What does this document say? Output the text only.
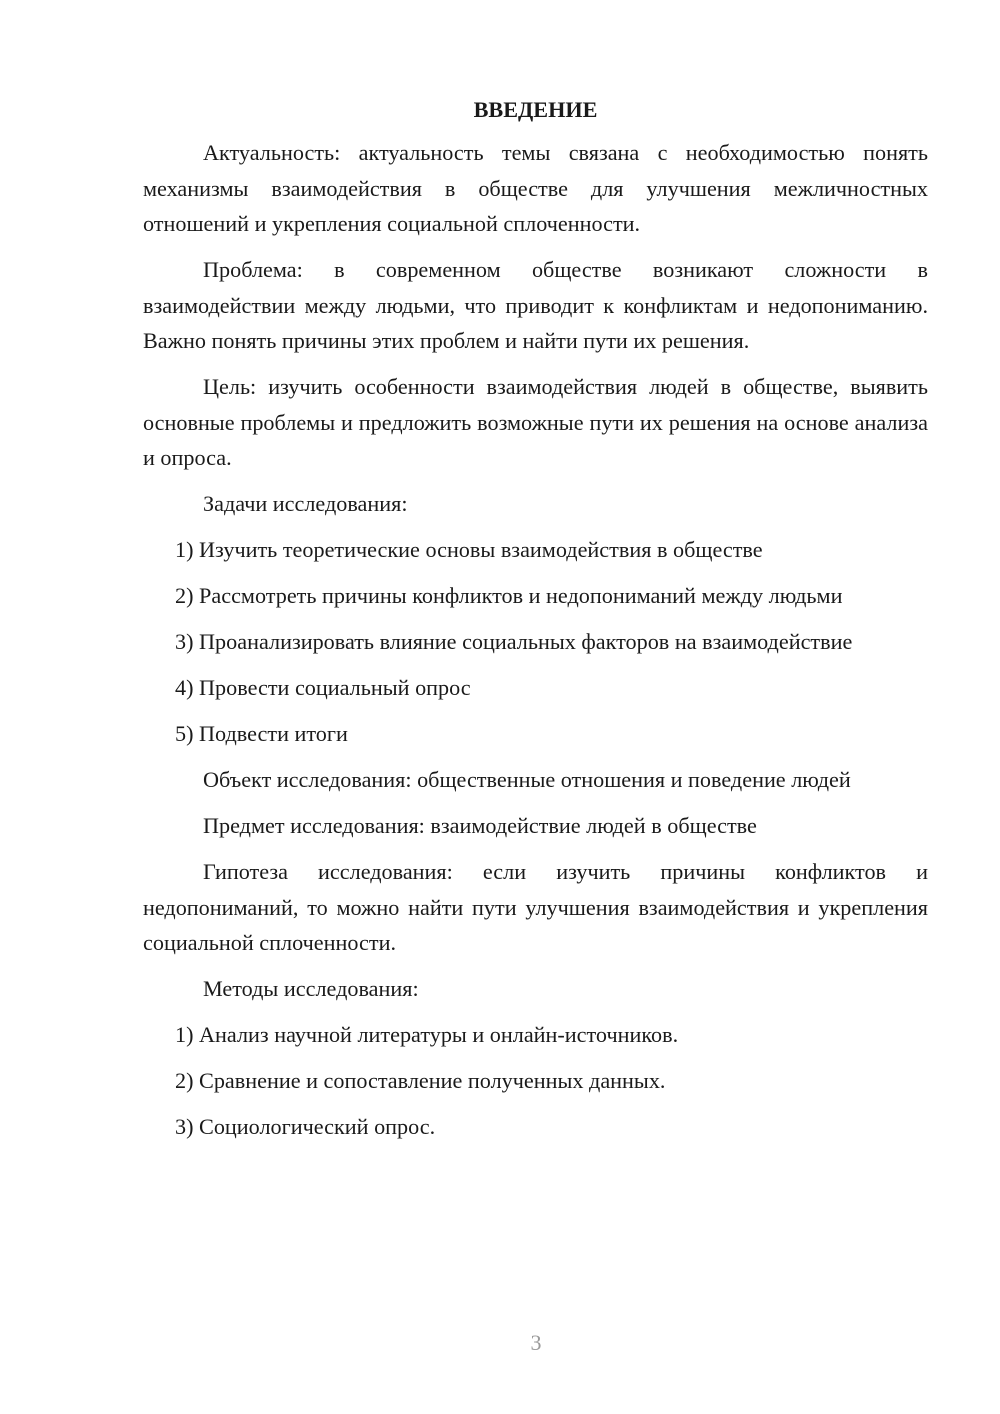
ВВЕДЕНИЕ

Актуальность: актуальность темы связана с необходимостью понять механизмы взаимодействия в обществе для улучшения межличностных отношений и укрепления социальной сплоченности.

Проблема: в современном обществе возникают сложности в взаимодействии между людьми, что приводит к конфликтам и недопониманию. Важно понять причины этих проблем и найти пути их решения.

Цель: изучить особенности взаимодействия людей в обществе, выявить основные проблемы и предложить возможные пути их решения на основе анализа и опроса.

Задачи исследования:

1) Изучить теоретические основы взаимодействия в обществе

2) Рассмотреть причины конфликтов и недопониманий между людьми

3) Проанализировать влияние социальных факторов на взаимодействие

4) Провести социальный опрос

5) Подвести итоги

Объект исследования: общественные отношения и поведение людей

Предмет исследования: взаимодействие людей в обществе

Гипотеза исследования: если изучить причины конфликтов и недопониманий, то можно найти пути улучшения взаимодействия и укрепления социальной сплоченности.

Методы исследования:

1) Анализ научной литературы и онлайн-источников.

2) Сравнение и сопоставление полученных данных.

3) Социологический опрос.

3
